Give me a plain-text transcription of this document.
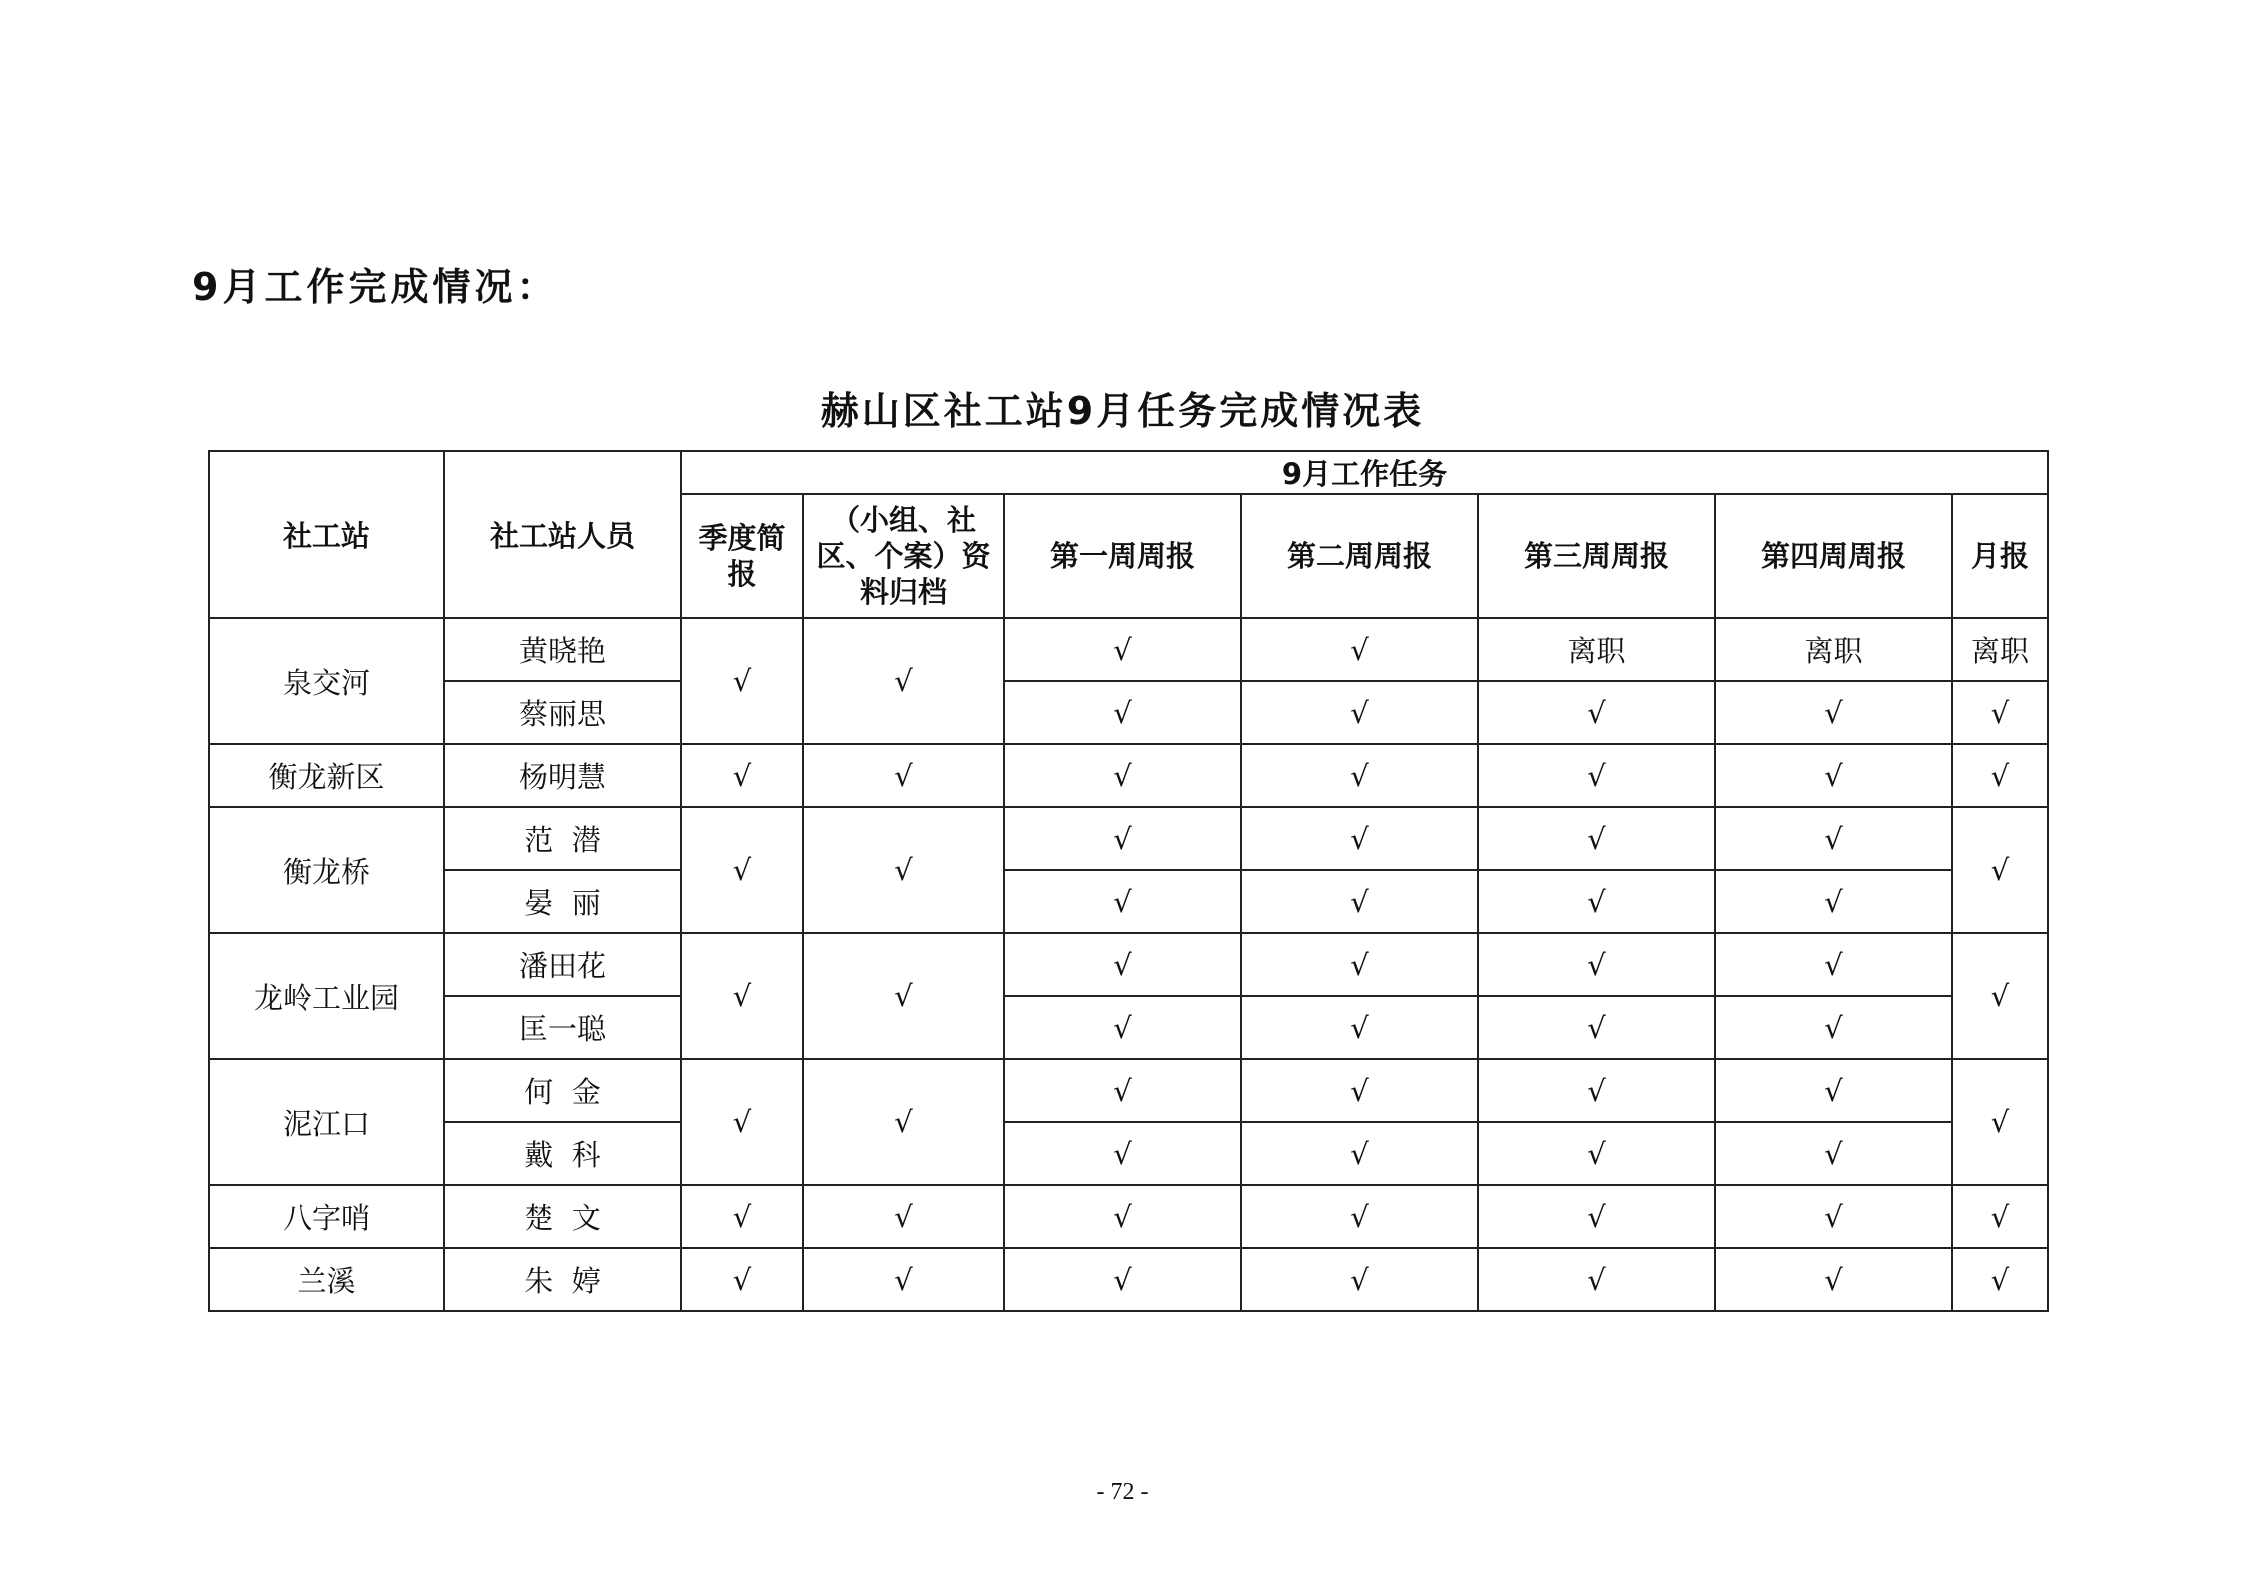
9月工作完成情况：
赫山区社工站9月任务完成情况表
社工站	社工站人员	9月工作任务						
		季度简报	（小组、社区、个案）资料归档	第一周周报	第二周周报	第三周周报	第四周周报	月报
泉交河	黄晓艳	√	√	√	√	离职	离职	离职
	蔡丽思			√	√	√	√	√
衡龙新区	杨明慧	√	√	√	√	√	√	√
衡龙桥	范  潜	√	√	√	√	√	√	√
	晏  丽			√	√	√	√	
龙岭工业园	潘田花	√	√	√	√	√	√	√
	匡一聪			√	√	√	√	
泥江口	何  金	√	√	√	√	√	√	√
	戴  科			√	√	√	√	
八字哨	楚  文	√	√	√	√	√	√	√
兰溪	朱  婷	√	√	√	√	√	√	√
- 72 -
